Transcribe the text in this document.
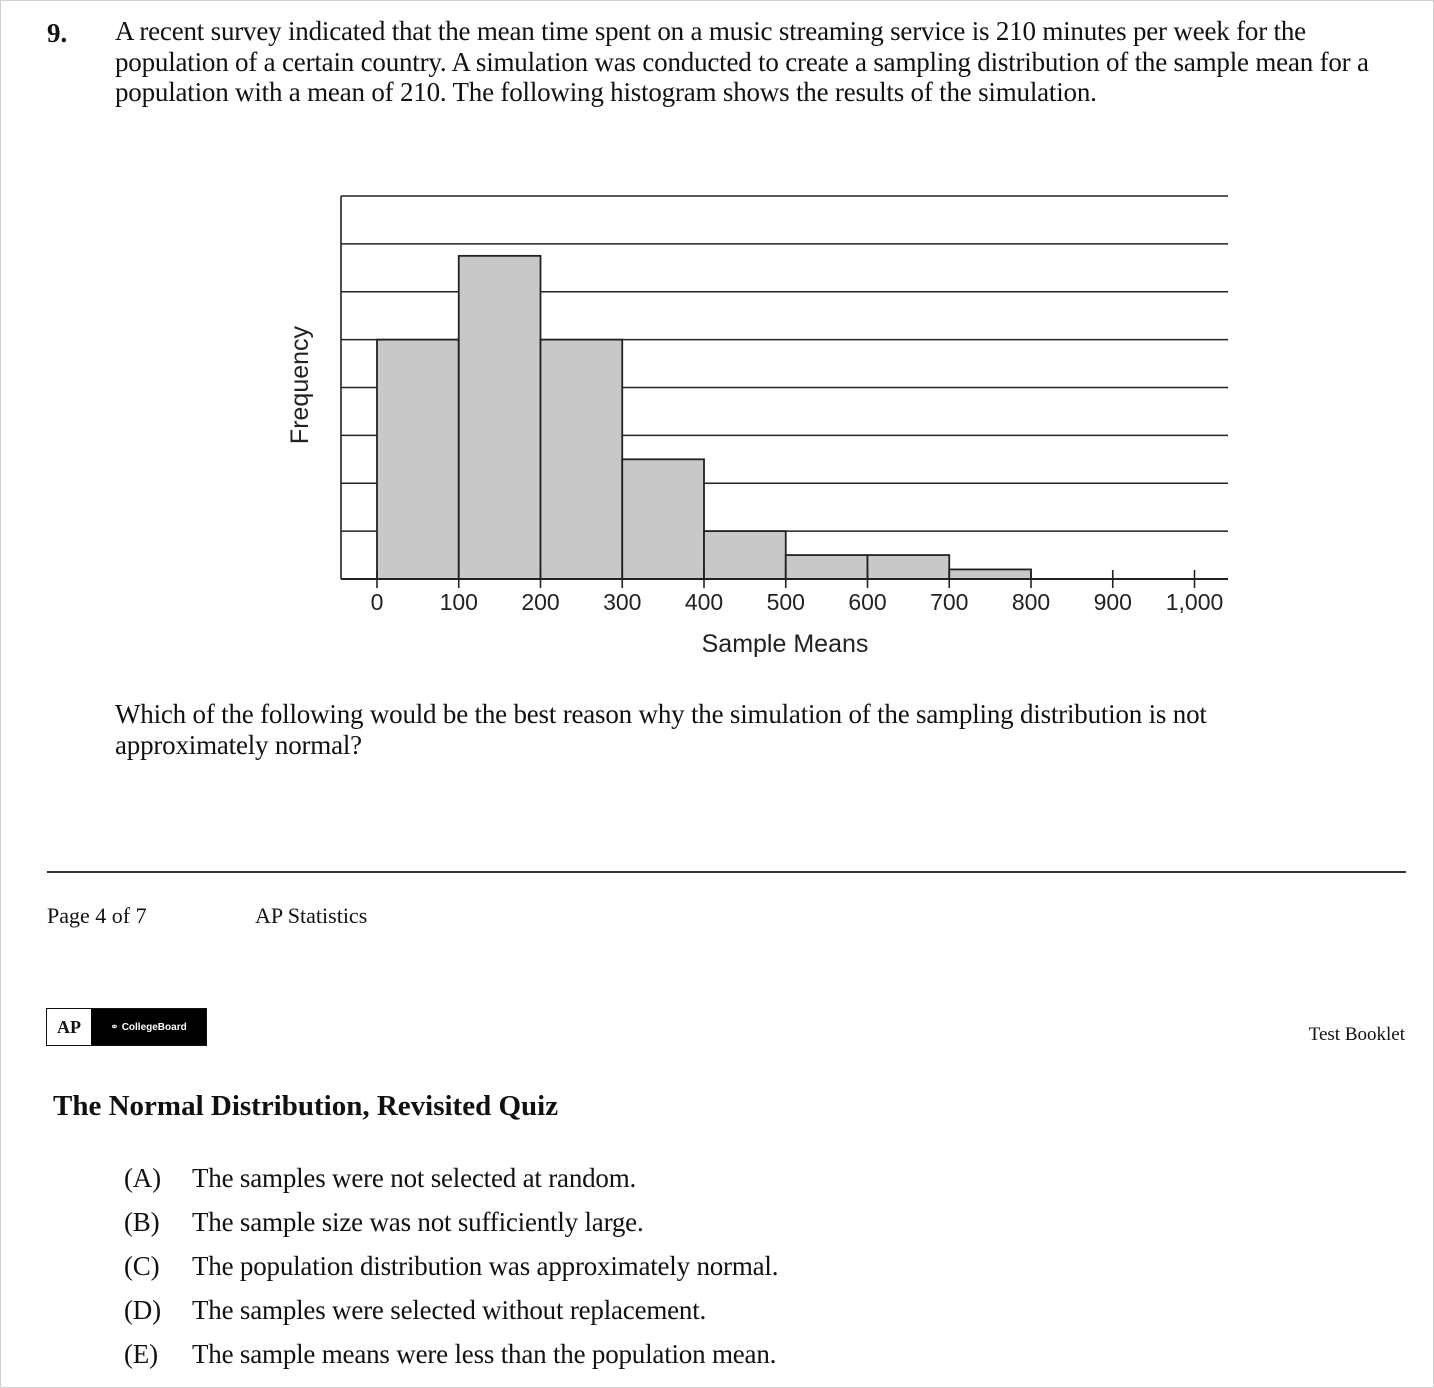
9. A recent survey indicated that the mean time spent on a music streaming service is 210 minutes per week for the population of a certain country. A simulation was conducted to create a sampling distribution of the sample mean for a population with a mean of 210. The following histogram shows the results of the simulation.
0 100 200 300 400 500 600 700 800 900 1,000
Sample Means
Frequency
Which of the following would be the best reason why the simulation of the sampling distribution is not approximately normal?
Page 4 of 7	AP Statistics
AP	⚭ CollegeBoard	Test Booklet
The Normal Distribution, Revisited Quiz
(A)	The samples were not selected at random.
(B)	The sample size was not sufficiently large.
(C)	The population distribution was approximately normal.
(D)	The samples were selected without replacement.
(E)	The sample means were less than the population mean.
